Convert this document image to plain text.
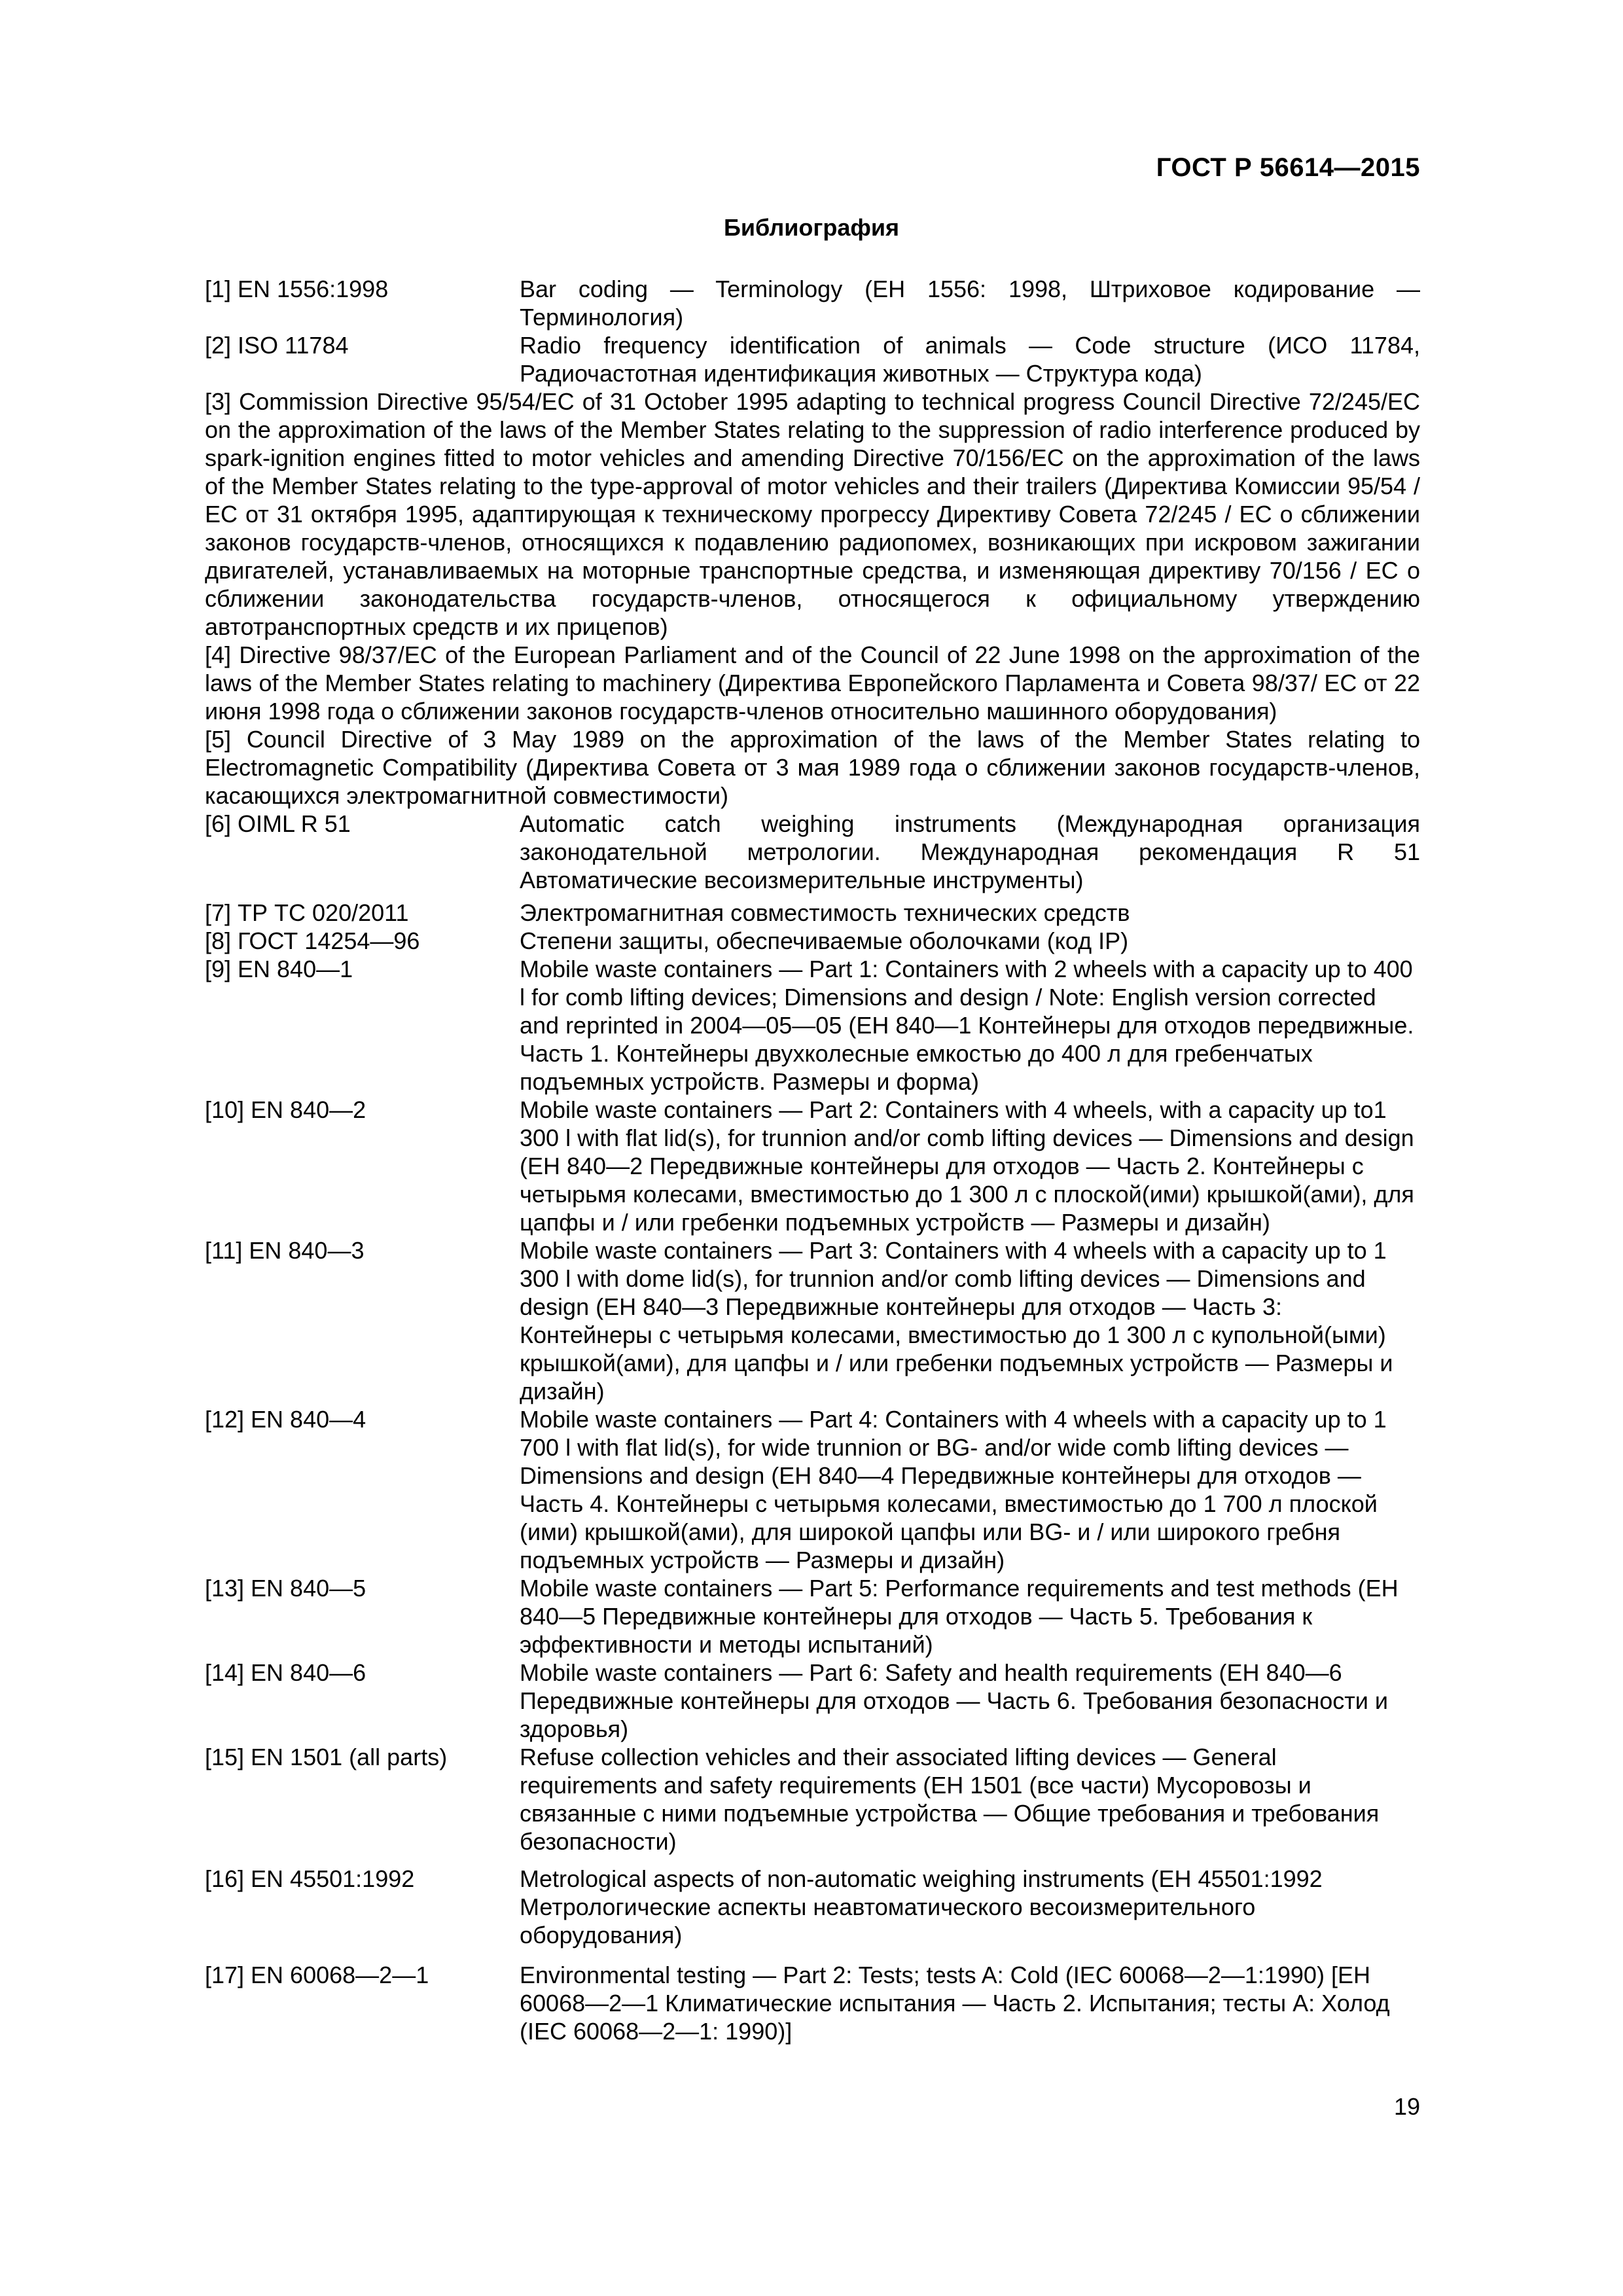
ГОСТ Р 56614—2015
Библиография
[1] EN 1556:1998	Bar coding — Terminology (ЕН 1556: 1998, Штриховое кодирование — Терминология)
[2] ISO 11784	Radio frequency identification of animals — Code structure (ИСО 11784, Радиочастотная идентификация животных — Структура кода)
[3] Commission Directive 95/54/EC of 31 October 1995 adapting to technical progress Council Directive 72/245/EC on the approximation of the laws of the Member States relating to the suppression of radio interference produced by spark-ignition engines fitted to motor vehicles and amending Directive 70/156/EC on the approximation of the laws of the Member States relating to the type-approval of motor vehicles and their trailers (Директива Комиссии 95/54 / ЕС от 31 октября 1995, адаптирующая к техническому прогрессу Директиву Совета 72/245 / ЕС о сближении законов государств-членов, относящихся к подавлению радиопомех, возникающих при искровом зажигании двигателей, устанавливаемых на моторные транспортные средства, и изменяющая директиву 70/156 / ЕС о сближении законодательства государств-членов, относящегося к официальному утверждению автотранспортных средств и их прицепов)
[4] Directive 98/37/EC of the European Parliament and of the Council of 22 June 1998 on the approximation of the laws of the Member States relating to machinery (Директива Европейского Парламента и Совета 98/37/ ЕС от 22 июня 1998 года о сближении законов государств-членов относительно машинного оборудования)
[5] Council Directive of 3 May 1989 on the approximation of the laws of the Member States relating to Electromagnetic Compatibility (Директива Совета от 3 мая 1989 года о сближении законов государств-членов, касающихся электромагнитной совместимости)
[6] OIML R 51	Automatic catch weighing instruments (Международная организация законодательной метрологии. Международная рекомендация R 51 Автоматические весоизмерительные инструменты)
[7] ТР ТС 020/2011	Электромагнитная совместимость технических средств
[8] ГОСТ 14254—96	Степени защиты, обеспечиваемые оболочками (код IP)
[9] EN 840—1	Mobile waste containers — Part 1: Containers with 2 wheels with a capacity up to 400 l for comb lifting devices; Dimensions and design / Note: English version corrected and reprinted in 2004—05—05 (ЕН 840—1 Контейнеры для отходов передвижные. Часть 1. Контейнеры двухколесные емкостью до 400 л для гребенчатых подъемных устройств. Размеры и форма)
[10] EN 840—2	Mobile waste containers — Part 2: Containers with 4 wheels, with a capacity up to1 300 l with flat lid(s), for trunnion and/or comb lifting devices — Dimensions and design (ЕН 840—2 Передвижные контейнеры для отходов — Часть 2. Контейнеры с четырьмя колесами, вместимостью до 1 300 л с плоской(ими) крышкой(ами), для цапфы и / или гребенки подъемных устройств — Размеры и дизайн)
[11] EN 840—3	Mobile waste containers — Part 3: Containers with 4 wheels with a capacity up to 1 300 l with dome lid(s), for trunnion and/or comb lifting devices — Dimensions and design (ЕН 840—3 Передвижные контейнеры для отходов — Часть 3: Контейнеры с четырьмя колесами, вместимостью до 1 300 л с купольной(ыми) крышкой(ами), для цапфы и / или гребенки подъемных устройств — Размеры и дизайн)
[12] EN 840—4	Mobile waste containers — Part 4: Containers with 4 wheels with a capacity up to 1 700 l with flat lid(s), for wide trunnion or BG- and/or wide comb lifting devices — Dimensions and design (ЕН 840—4 Передвижные контейнеры для отходов — Часть 4. Контейнеры с четырьмя колесами, вместимостью до 1 700 л плоской (ими) крышкой(ами), для широкой цапфы или BG- и / или широкого гребня подъемных устройств — Размеры и дизайн)
[13] EN 840—5	Mobile waste containers — Part 5: Performance requirements and test methods (ЕН 840—5 Передвижные контейнеры для отходов — Часть 5. Требования к эффективности и методы испытаний)
[14] EN 840—6	Mobile waste containers — Part 6: Safety and health requirements (ЕН 840—6 Передвижные контейнеры для отходов — Часть 6. Требования безопасности и здоровья)
[15] EN 1501 (all parts)	Refuse collection vehicles and their associated lifting devices — General requirements and safety requirements (ЕН 1501 (все части) Мусоровозы и связанные с ними подъемные устройства — Общие требования и требования безопасности)
[16] EN 45501:1992	Metrological aspects of non-automatic weighing instruments (ЕН 45501:1992 Метрологические аспекты неавтоматического весоизмерительного оборудования)
[17] EN 60068—2—1	Environmental testing — Part 2: Tests; tests A: Cold (IEC 60068—2—1:1990) [ЕН 60068—2—1 Климатические испытания — Часть 2. Испытания; тесты А: Холод (IEC 60068—2—1: 1990)]
19
